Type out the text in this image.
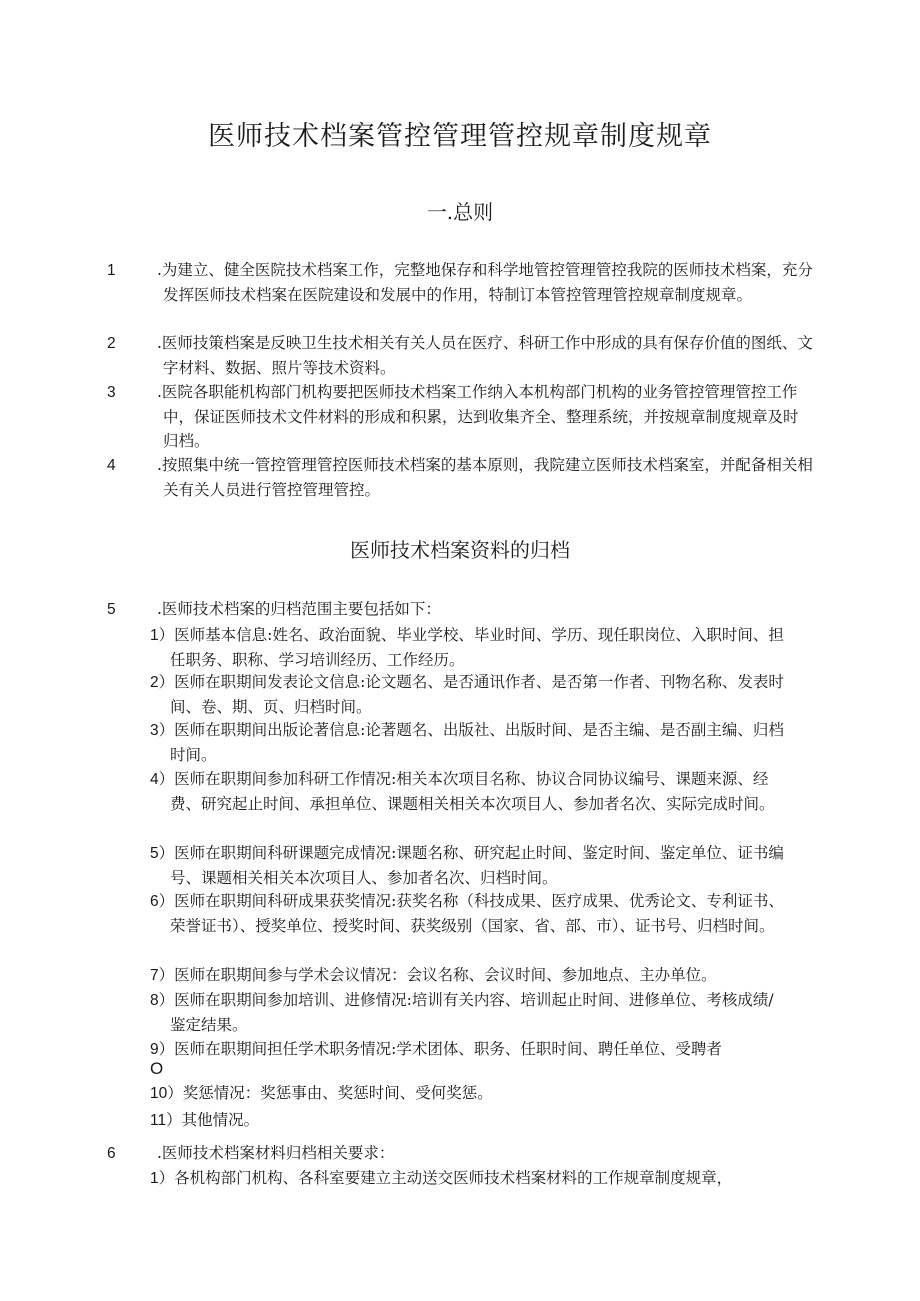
医师技术档案管控管理管控规章制度规章
一.总则
1	.为建立、健全医院技术档案工作，完整地保存和科学地管控管理管控我院的医师技术档案，充分发挥医师技术档案在医院建设和发展中的作用，特制订本管控管理管控规章制度规章。
2	.医师技策档案是反映卫生技术相关有关人员在医疗、科研工作中形成的具有保存价值的图纸、文字材料、数据、照片等技术资料。
3	.医院各职能机构部门机构要把医师技术档案工作纳入本机构部门机构的业务管控管理管控工作中，保证医师技术文件材料的形成和积累，达到收集齐全、整理系统，并按规章制度规章及时归档。
4	.按照集中统一管控管理管控医师技术档案的基本原则，我院建立医师技术档案室，并配备相关相关有关人员进行管控管理管控。
医师技术档案资料的归档
5	.医师技术档案的归档范围主要包括如下：
1）医师基本信息:姓名、政治面貌、毕业学校、毕业时间、学历、现任职岗位、入职时间、担任职务、职称、学习培训经历、工作经历。
2）医师在职期间发表论文信息:论文题名、是否通讯作者、是否第一作者、刊物名称、发表时间、卷、期、页、归档时间。
3）医师在职期间出版论著信息:论著题名、出版社、出版时间、是否主编、是否副主编、归档时间。
4）医师在职期间参加科研工作情况:相关本次项目名称、协议合同协议编号、课题来源、经费、研究起止时间、承担单位、课题相关相关本次项目人、参加者名次、实际完成时间。
5）医师在职期间科研课题完成情况:课题名称、研究起止时间、鉴定时间、鉴定单位、证书编号、课题相关相关本次项目人、参加者名次、归档时间。
6）医师在职期间科研成果获奖情况:获奖名称（科技成果、医疗成果、优秀论文、专利证书、荣誉证书）、授奖单位、授奖时间、获奖级别（国家、省、部、市）、证书号、归档时间。
7）医师在职期间参与学术会议情况：会议名称、会议时间、参加地点、主办单位。
8）医师在职期间参加培训、进修情况:培训有关内容、培训起止时间、进修单位、考核成绩/鉴定结果。
9）医师在职期间担任学术职务情况:学术团体、职务、任职时间、聘任单位、受聘者
O
10）奖惩情况：奖惩事由、奖惩时间、受何奖惩。
11）其他情况。
6	.医师技术档案材料归档相关要求：
1）各机构部门机构、各科室要建立主动送交医师技术档案材料的工作规章制度规章，
